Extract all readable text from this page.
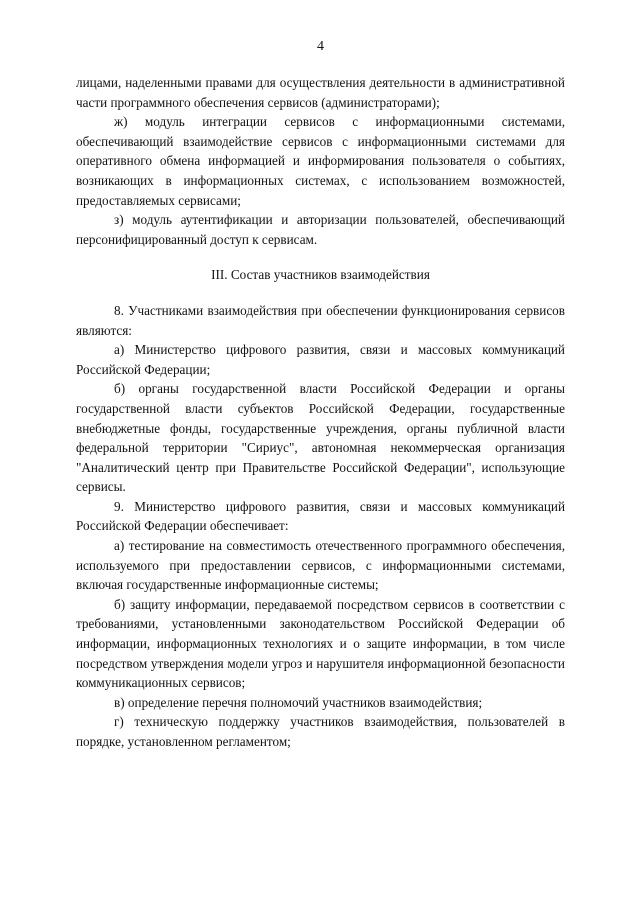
4

лицами, наделенными правами для осуществления деятельности в административной части программного обеспечения сервисов (администраторами);

ж) модуль интеграции сервисов с информационными системами, обеспечивающий взаимодействие сервисов с информационными системами для оперативного обмена информацией и информирования пользователя о событиях, возникающих в информационных системах, с использованием возможностей, предоставляемых сервисами;

з) модуль аутентификации и авторизации пользователей, обеспечивающий персонифицированный доступ к сервисам.

III. Состав участников взаимодействия

8. Участниками взаимодействия при обеспечении функционирования сервисов являются:

а) Министерство цифрового развития, связи и массовых коммуникаций Российской Федерации;

б) органы государственной власти Российской Федерации и органы государственной власти субъектов Российской Федерации, государственные внебюджетные фонды, государственные учреждения, органы публичной власти федеральной территории "Сириус", автономная некоммерческая организация "Аналитический центр при Правительстве Российской Федерации", использующие сервисы.

9. Министерство цифрового развития, связи и массовых коммуникаций Российской Федерации обеспечивает:

а) тестирование на совместимость отечественного программного обеспечения, используемого при предоставлении сервисов, с информационными системами, включая государственные информационные системы;

б) защиту информации, передаваемой посредством сервисов в соответствии с требованиями, установленными законодательством Российской Федерации об информации, информационных технологиях и о защите информации, в том числе посредством утверждения модели угроз и нарушителя информационной безопасности коммуникационных сервисов;

в) определение перечня полномочий участников взаимодействия;

г) техническую поддержку участников взаимодействия, пользователей в порядке, установленном регламентом;
